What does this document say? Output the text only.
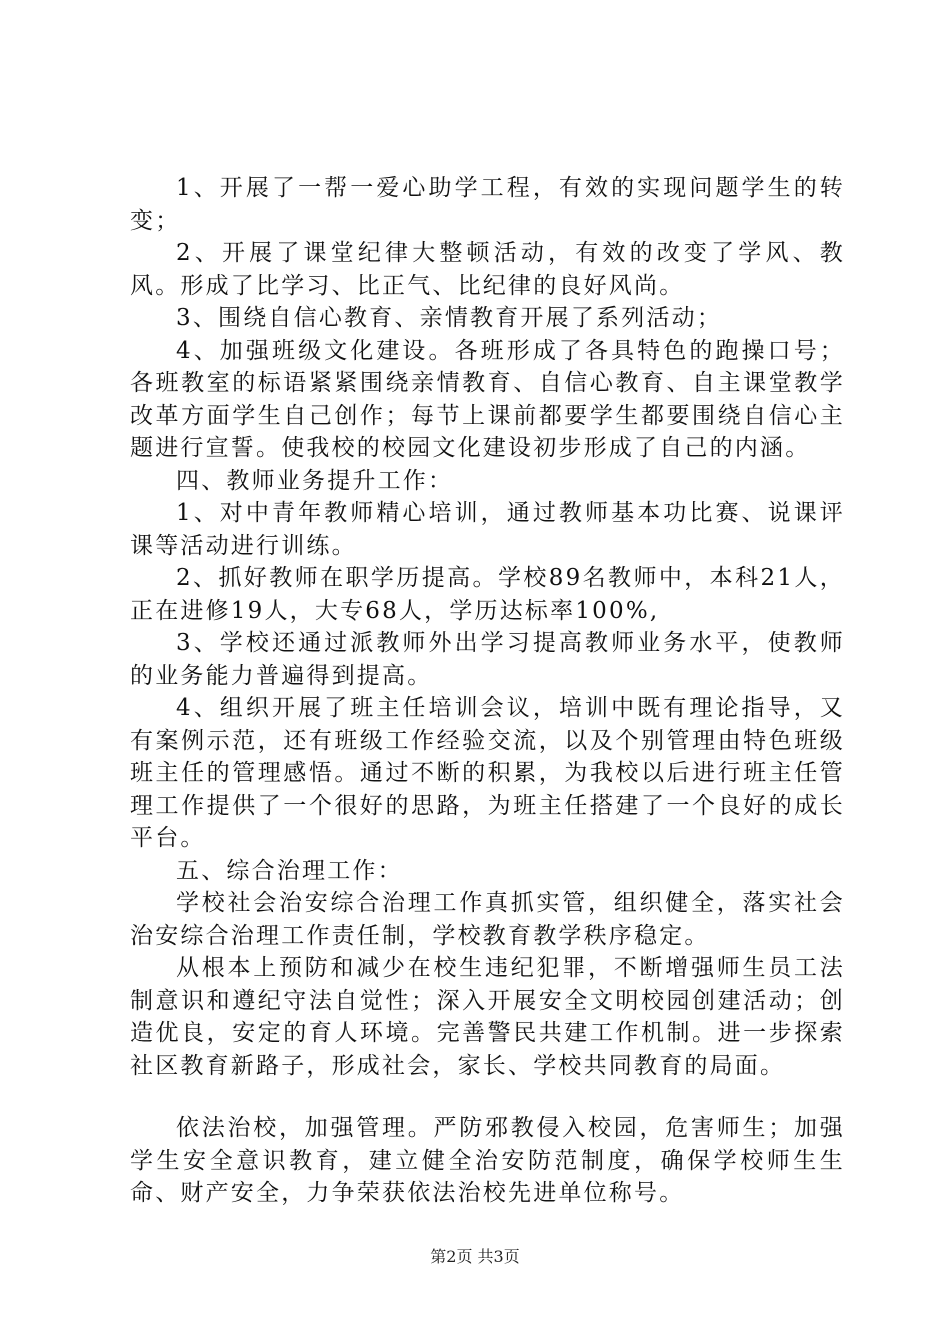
1、开展了一帮一爱心助学工程，有效的实现问题学生的转变；

2、开展了课堂纪律大整顿活动，有效的改变了学风、教风。形成了比学习、比正气、比纪律的良好风尚。

3、围绕自信心教育、亲情教育开展了系列活动；

4、加强班级文化建设。各班形成了各具特色的跑操口号；各班教室的标语紧紧围绕亲情教育、自信心教育、自主课堂教学改革方面学生自己创作；每节上课前都要学生都要围绕自信心主题进行宣誓。使我校的校园文化建设初步形成了自己的内涵。

四、教师业务提升工作：

1、对中青年教师精心培训，通过教师基本功比赛、说课评课等活动进行训练。

2、抓好教师在职学历提高。学校89名教师中，本科21人，正在进修19人，大专68人，学历达标率100%,

3、学校还通过派教师外出学习提高教师业务水平，使教师的业务能力普遍得到提高。

4、组织开展了班主任培训会议，培训中既有理论指导，又有案例示范，还有班级工作经验交流，以及个别管理由特色班级班主任的管理感悟。通过不断的积累，为我校以后进行班主任管理工作提供了一个很好的思路，为班主任搭建了一个良好的成长平台。

五、综合治理工作：

学校社会治安综合治理工作真抓实管，组织健全，落实社会治安综合治理工作责任制，学校教育教学秩序稳定。

从根本上预防和减少在校生违纪犯罪，不断增强师生员工法制意识和遵纪守法自觉性；深入开展安全文明校园创建活动；创造优良，安定的育人环境。完善警民共建工作机制。进一步探索社区教育新路子，形成社会，家长、学校共同教育的局面。

依法治校，加强管理。严防邪教侵入校园，危害师生；加强学生安全意识教育，建立健全治安防范制度，确保学校师生生命、财产安全，力争荣获依法治校先进单位称号。

第2页 共3页
